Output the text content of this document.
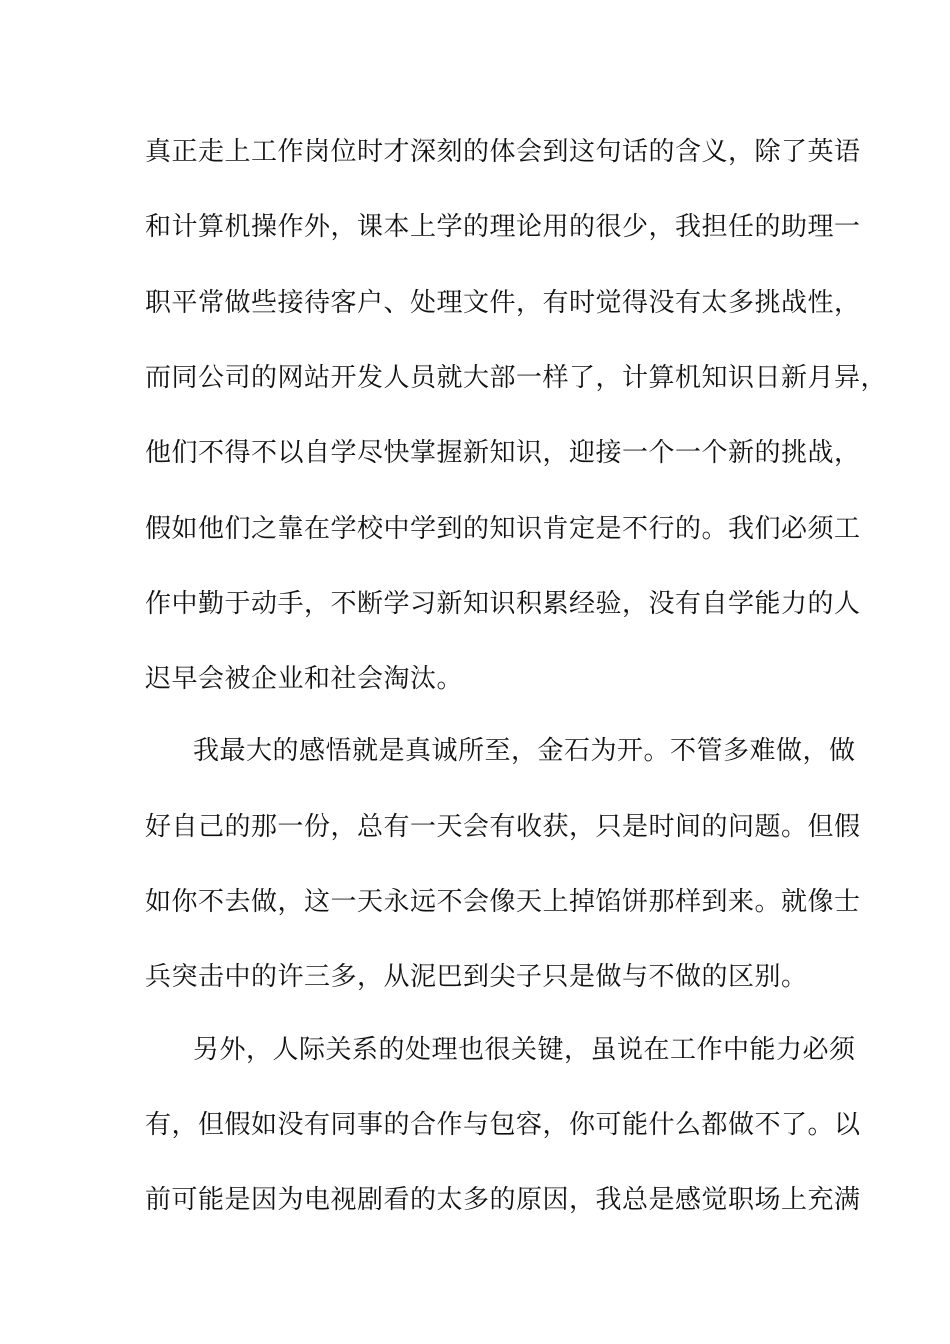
真正走上工作岗位时才深刻的体会到这句话的含义，除了英语
和计算机操作外，课本上学的理论用的很少，我担任的助理一
职平常做些接待客户、处理文件，有时觉得没有太多挑战性，
而同公司的网站开发人员就大部一样了，计算机知识日新月异，
他们不得不以自学尽快掌握新知识，迎接一个一个新的挑战，
假如他们之靠在学校中学到的知识肯定是不行的。我们必须工
作中勤于动手，不断学习新知识积累经验，没有自学能力的人
迟早会被企业和社会淘汰。
我最大的感悟就是真诚所至，金石为开。不管多难做，做
好自己的那一份，总有一天会有收获，只是时间的问题。但假
如你不去做，这一天永远不会像天上掉馅饼那样到来。就像士
兵突击中的许三多，从泥巴到尖子只是做与不做的区别。
另外，人际关系的处理也很关键，虽说在工作中能力必须
有，但假如没有同事的合作与包容，你可能什么都做不了。以
前可能是因为电视剧看的太多的原因，我总是感觉职场上充满
